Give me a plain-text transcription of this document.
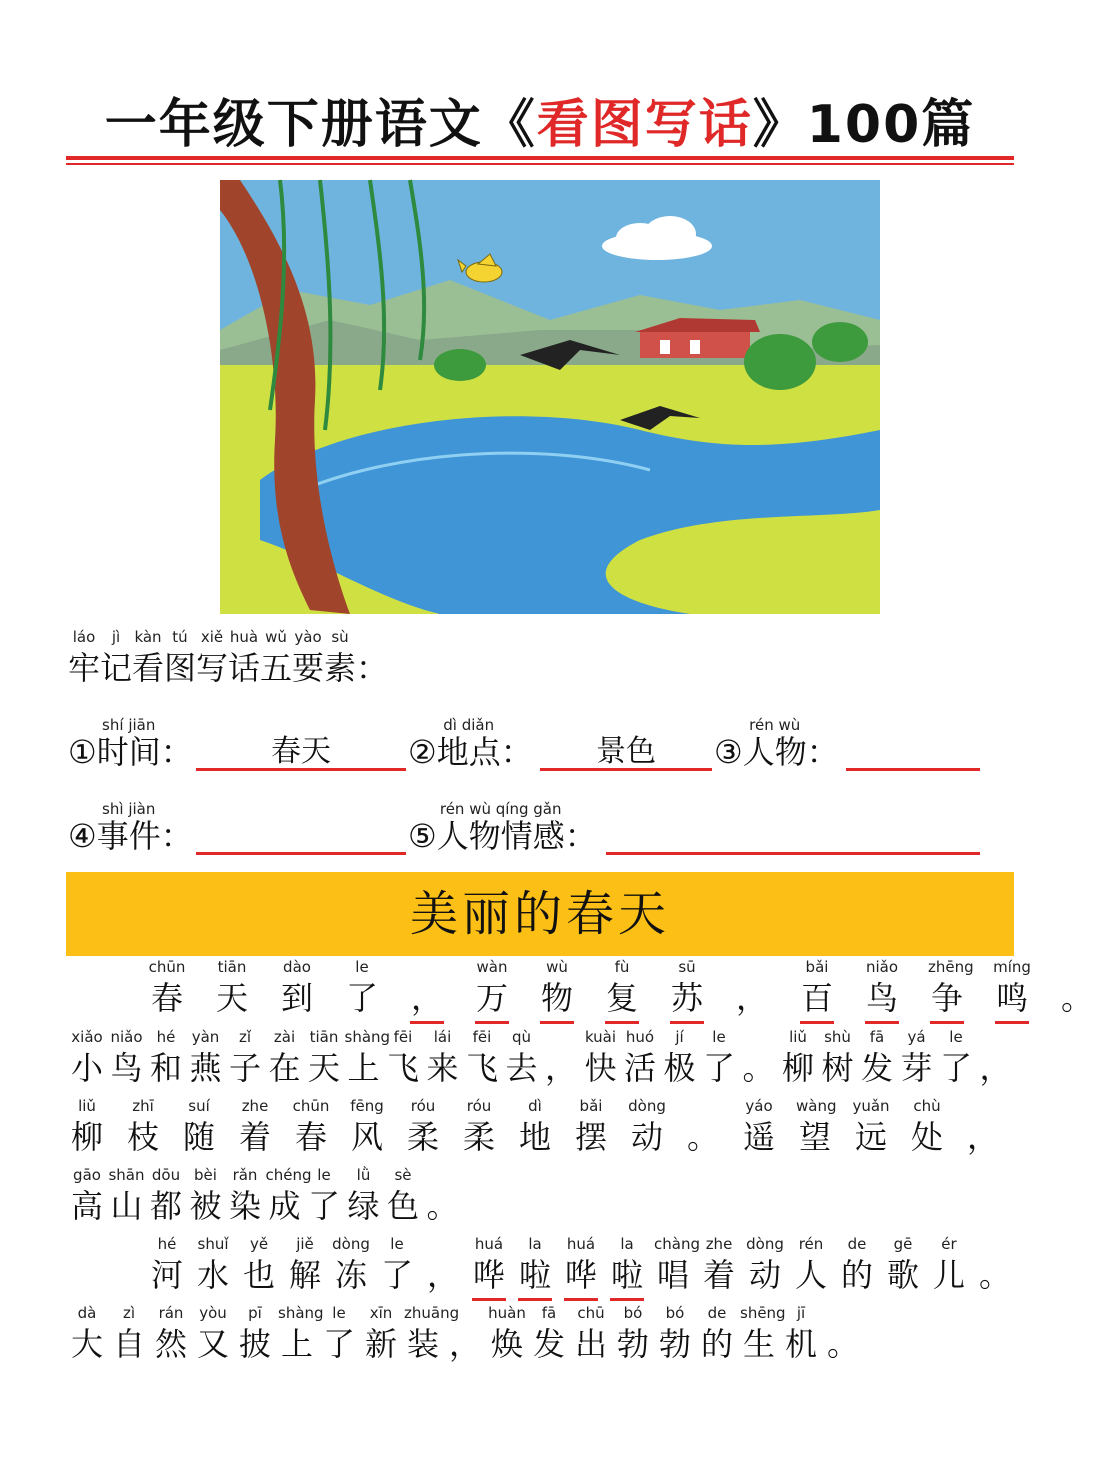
一年级下册语文《看图写话》100篇
láo
牢
jì
记
kàn
看
tú
图
xiě
写
huà
话
wǔ
五
yào
要
sù
素 ：
①
shí jiān
时间：	春天	②
dì diǎn
地点：	景色	③
rén wù
人物：
④
shì jiàn
事件：	⑤
rén wù qíng gǎn
人物情感：
美丽的春天
chūn
春
tiān
天
dào
到
le
了 ，
wàn
万
wù
物
fù
复
sū
苏 ，
bǎi
百
niǎo
鸟
zhēng
争
míng
鸣 。
xiǎo
小
niǎo
鸟
hé
和
yàn
燕
zǐ
子
zài
在
tiān
天
shàng
上
fēi
飞
lái
来
fēi
飞
qù
去 ，
kuài
快
huó
活
jí
极
le
了 。
liǔ
柳
shù
树
fā
发
yá
芽
le
了 ，
liǔ
柳
zhī
枝
suí
随
zhe
着
chūn
春
fēng
风
róu
柔
róu
柔
dì
地
bǎi
摆
dòng
动 。
yáo
遥
wàng
望
yuǎn
远
chù
处 ，
gāo
高
shān
山
dōu
都
bèi
被
rǎn
染
chéng
成
le
了
lǜ
绿
sè
色 。
hé
河
shuǐ
水
yě
也
jiě
解
dòng
冻
le
了 ，
huá
哗
la
啦
huá
哗
la
啦
chàng
唱
zhe
着
dòng
动
rén
人
de
的
gē
歌
ér
儿 。
dà
大
zì
自
rán
然
yòu
又
pī
披
shàng
上
le
了
xīn
新
zhuāng
装 ，
huàn
焕
fā
发
chū
出
bó
勃
bó
勃
de
的
shēng
生
jī
机 。
